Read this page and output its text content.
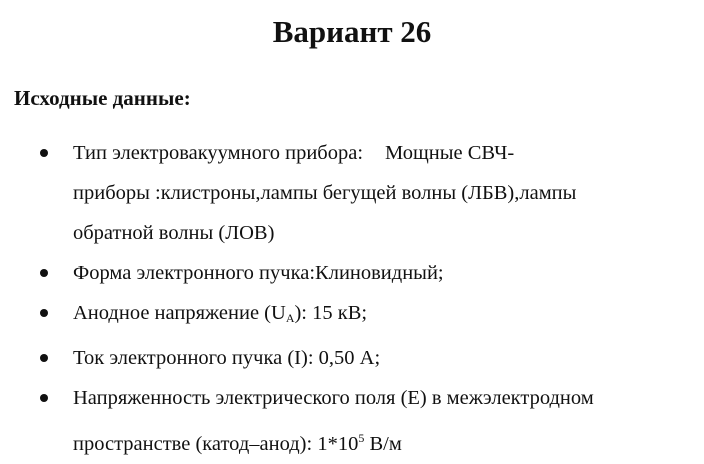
Вариант 26
Исходные данные:
Тип электровакуумного прибора: Мощные СВЧ-
приборы :клистроны,лампы бегущей волны (ЛБВ),лампы
обратной волны (ЛОВ)
Форма электронного пучка:Клиновидный;
Анодное напряжение $(U_А)$: 15 кВ;
Ток электронного пучка (I): 0,50 А;
Напряженность электрического поля (Е) в межэлектродном
пространстве (катод–анод): $1*10^5$ В/м
